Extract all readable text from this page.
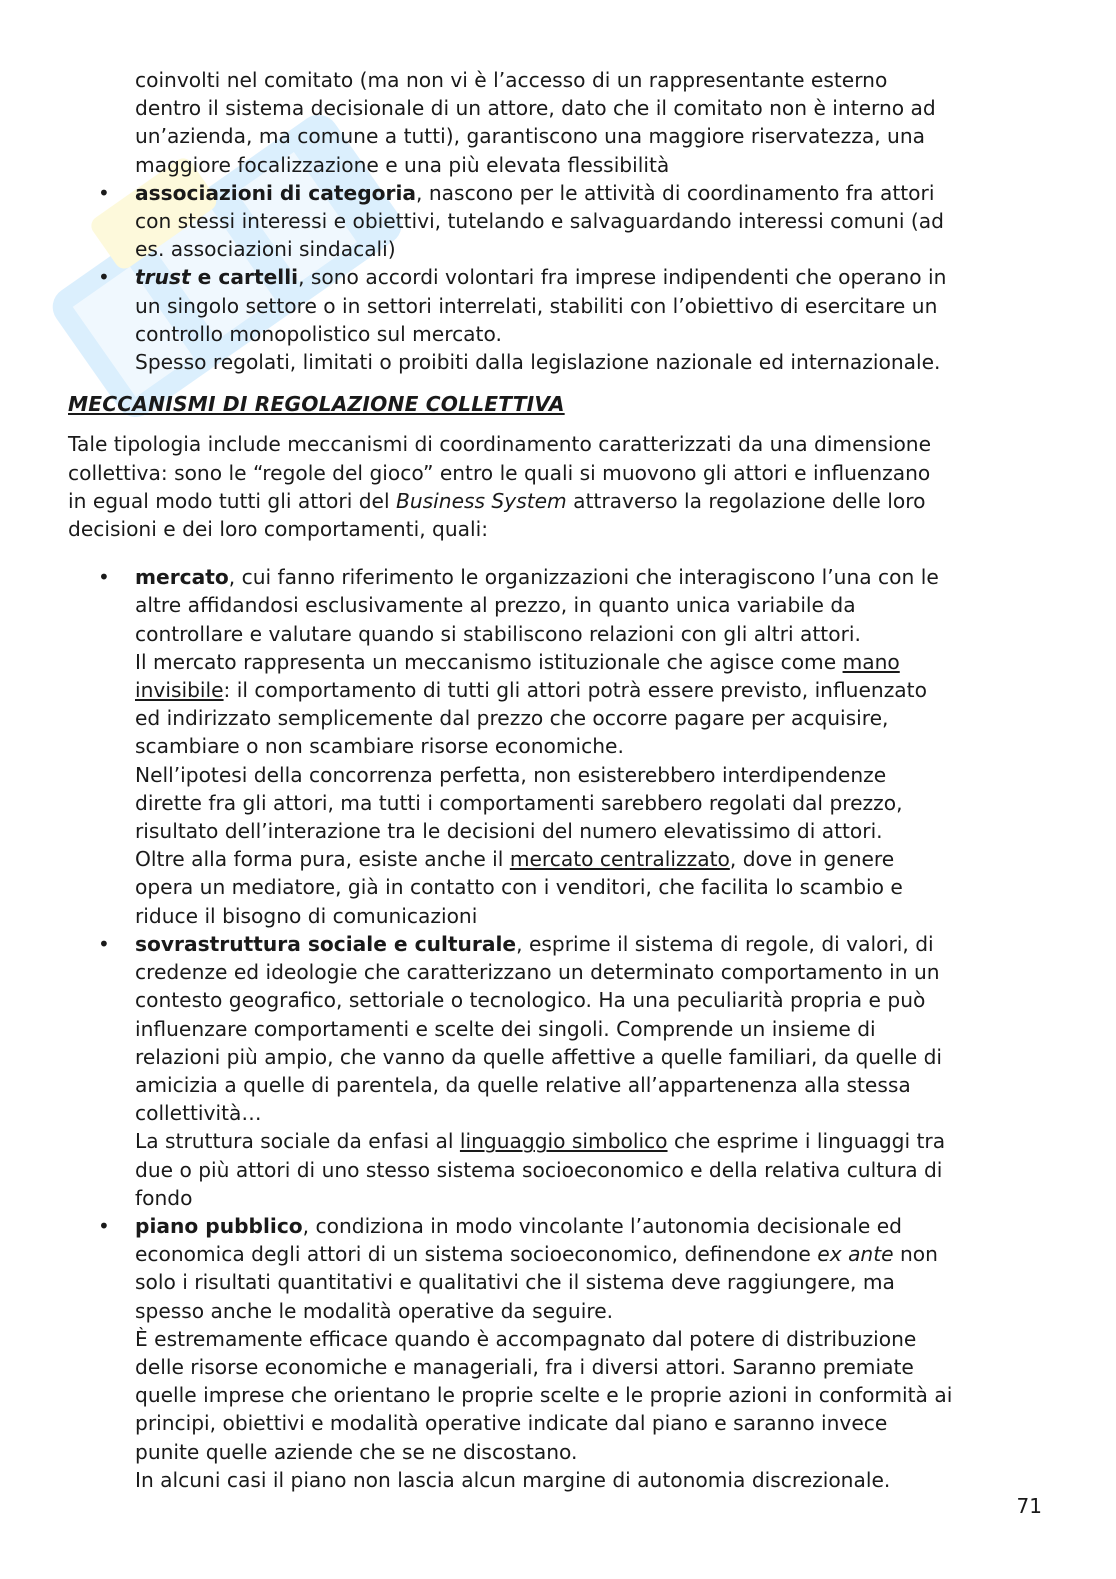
coinvolti nel comitato (ma non vi è l’accesso di un rappresentante esterno
dentro il sistema decisionale di un attore, dato che il comitato non è interno ad
un’azienda, ma comune a tutti), garantiscono una maggiore riservatezza, una
maggiore focalizzazione e una più elevata flessibilità
• associazioni di categoria, nascono per le attività di coordinamento fra attori
con stessi interessi e obiettivi, tutelando e salvaguardando interessi comuni (ad
es. associazioni sindacali)
• trust e cartelli, sono accordi volontari fra imprese indipendenti che operano in
un singolo settore o in settori interrelati, stabiliti con l’obiettivo di esercitare un
controllo monopolistico sul mercato.
Spesso regolati, limitati o proibiti dalla legislazione nazionale ed internazionale.
MECCANISMI DI REGOLAZIONE COLLETTIVA
Tale tipologia include meccanismi di coordinamento caratterizzati da una dimensione
collettiva: sono le “regole del gioco” entro le quali si muovono gli attori e influenzano
in egual modo tutti gli attori del Business System attraverso la regolazione delle loro
decisioni e dei loro comportamenti, quali:
• mercato, cui fanno riferimento le organizzazioni che interagiscono l’una con le
altre affidandosi esclusivamente al prezzo, in quanto unica variabile da
controllare e valutare quando si stabiliscono relazioni con gli altri attori.
Il mercato rappresenta un meccanismo istituzionale che agisce come mano
invisibile: il comportamento di tutti gli attori potrà essere previsto, influenzato
ed indirizzato semplicemente dal prezzo che occorre pagare per acquisire,
scambiare o non scambiare risorse economiche.
Nell’ipotesi della concorrenza perfetta, non esisterebbero interdipendenze
dirette fra gli attori, ma tutti i comportamenti sarebbero regolati dal prezzo,
risultato dell’interazione tra le decisioni del numero elevatissimo di attori.
Oltre alla forma pura, esiste anche il mercato centralizzato, dove in genere
opera un mediatore, già in contatto con i venditori, che facilita lo scambio e
riduce il bisogno di comunicazioni
• sovrastruttura sociale e culturale, esprime il sistema di regole, di valori, di
credenze ed ideologie che caratterizzano un determinato comportamento in un
contesto geografico, settoriale o tecnologico. Ha una peculiarità propria e può
influenzare comportamenti e scelte dei singoli. Comprende un insieme di
relazioni più ampio, che vanno da quelle affettive a quelle familiari, da quelle di
amicizia a quelle di parentela, da quelle relative all’appartenenza alla stessa
collettività…
La struttura sociale da enfasi al linguaggio simbolico che esprime i linguaggi tra
due o più attori di uno stesso sistema socioeconomico e della relativa cultura di
fondo
• piano pubblico, condiziona in modo vincolante l’autonomia decisionale ed
economica degli attori di un sistema socioeconomico, definendone ex ante non
solo i risultati quantitativi e qualitativi che il sistema deve raggiungere, ma
spesso anche le modalità operative da seguire.
È estremamente efficace quando è accompagnato dal potere di distribuzione
delle risorse economiche e manageriali, fra i diversi attori. Saranno premiate
quelle imprese che orientano le proprie scelte e le proprie azioni in conformità ai
principi, obiettivi e modalità operative indicate dal piano e saranno invece
punite quelle aziende che se ne discostano.
In alcuni casi il piano non lascia alcun margine di autonomia discrezionale.
71
